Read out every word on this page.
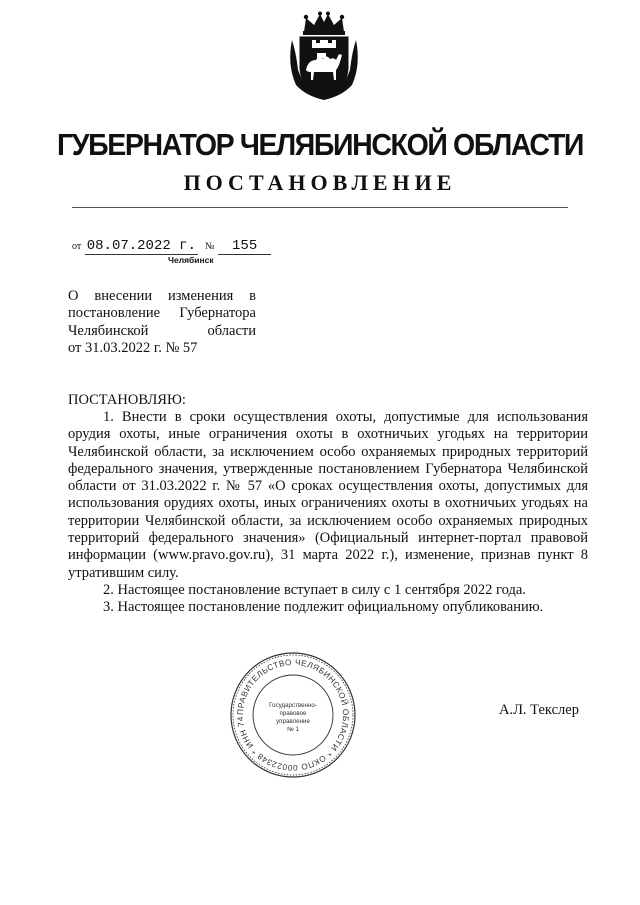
ГУБЕРНАТОР ЧЕЛЯБИНСКОЙ ОБЛАСТИ
ПОСТАНОВЛЕНИЕ
от 08.07.2022 г. № 155
Челябинск
О внесении изменения в
постановление Губернатора
Челябинской области
от 31.03.2022 г. № 57
ПОСТАНОВЛЯЮ:

1. Внести в сроки осуществления охоты, допустимые для использования орудия охоты, иные ограничения охоты в охотничьих угодьях на территории Челябинской области, за исключением особо охраняемых природных территорий федерального значения, утвержденные постановлением Губернатора Челябинской области от 31.03.2022 г. № 57 «О сроках осуществления охоты, допустимых для использования орудиях охоты, иных ограничениях охоты в охотничьих угодьях на территории Челябинской области, за исключением особо охраняемых природных территорий федерального значения» (Официальный интернет-портал правовой информации (www.pravo.gov.ru), 31 марта 2022 г.), изменение, признав пункт 8 утратившим силу.

2. Настоящее постановление вступает в силу с 1 сентября 2022 года.

3. Настоящее постановление подлежит официальному опубликованию.

ПРАВИТЕЛЬСТВО ЧЕЛЯБИНСКОЙ ОБЛАСТИ * ОКПО 00022348 * ИНН 74
Государственно-
правовое
управление
№ 1
А.Л. Текслер
